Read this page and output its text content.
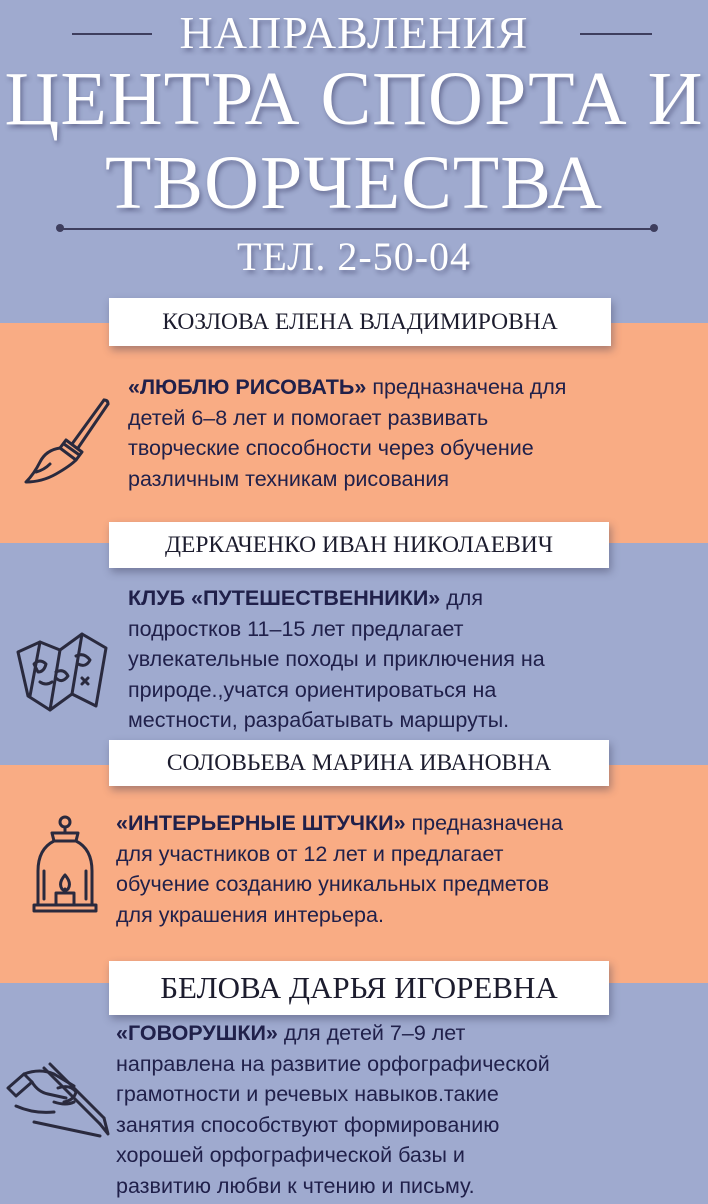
НАПРАВЛЕНИЯ
ЦЕНТРА СПОРТА И
ТВОРЧЕСТВА
ТЕЛ. 2-50-04
КОЗЛОВА ЕЛЕНА ВЛАДИМИРОВНА
«ЛЮБЛЮ РИСОВАТЬ» предназначена для
детей 6–8 лет и помогает развивать
творческие способности через обучение
различным техникам рисования
ДЕРКАЧЕНКО ИВАН НИКОЛАЕВИЧ
КЛУБ «ПУТЕШЕСТВЕННИКИ» для
подростков 11–15 лет предлагает
увлекательные походы и приключения на
природе.,учатся ориентироваться на
местности, разрабатывать маршруты.
СОЛОВЬЕВА МАРИНА ИВАНОВНА
«ИНТЕРЬЕРНЫЕ ШТУЧКИ» предназначена
для участников от 12 лет и предлагает
обучение созданию уникальных предметов
для украшения интерьера.
БЕЛОВА ДАРЬЯ ИГОРЕВНА
«ГОВОРУШКИ» для детей 7–9 лет
направлена на развитие орфографической
грамотности и речевых навыков.такие
занятия способствуют формированию
хорошей орфографической базы и
развитию любви к чтению и письму.
